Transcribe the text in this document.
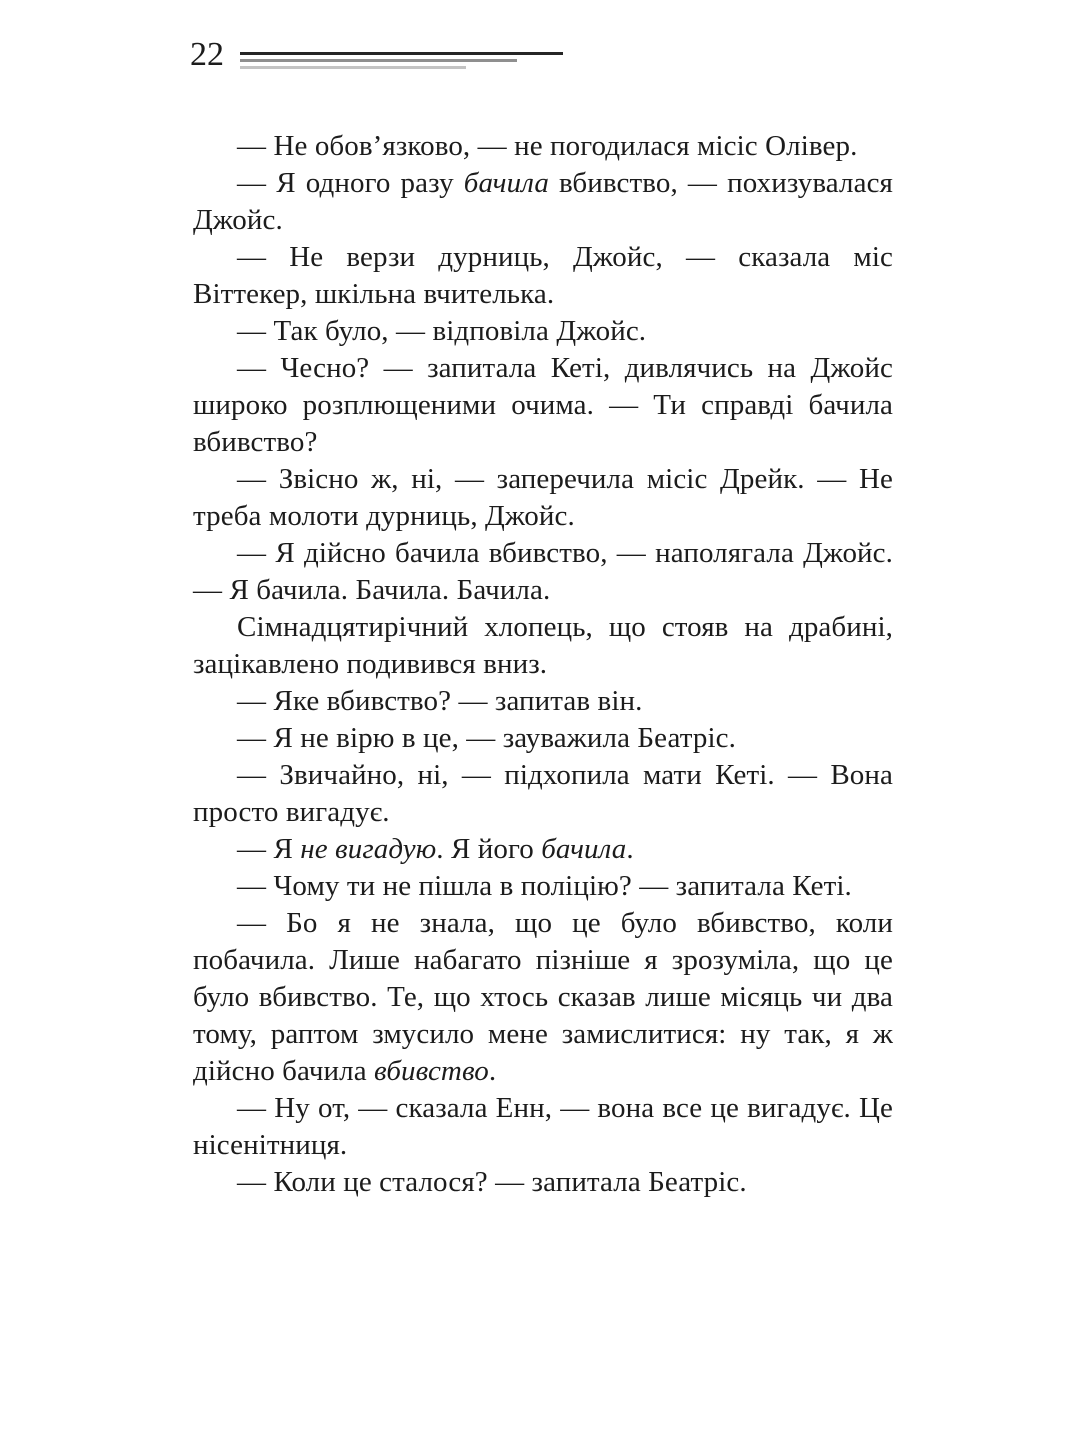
22

— Не обов’язково, — не погодилася місіс Олівер.

— Я одного разу бачила вбивство, — похизувалася Джойс.

— Не верзи дурниць, Джойс, — сказала міс Віттекер, шкільна вчителька.

— Так було, — відповіла Джойс.

— Чесно? — запитала Кеті, дивлячись на Джойс широко розплющеними очима. — Ти справді бачила вбивство?

— Звісно ж, ні, — заперечила місіс Дрейк. — Не треба молоти дурниць, Джойс.

— Я дійсно бачила вбивство, — наполягала Джойс. — Я бачила. Бачила. Бачила.

Сімнадцятирічний хлопець, що стояв на драбині, зацікавлено подивився вниз.

— Яке вбивство? — запитав він.

— Я не вірю в це, — зауважила Беатріс.

— Звичайно, ні, — підхопила мати Кеті. — Вона просто вигадує.

— Я не вигадую. Я його бачила.

— Чому ти не пішла в поліцію? — запитала Кеті.

— Бо я не знала, що це було вбивство, коли побачила. Лише набагато пізніше я зрозуміла, що це було вбивство. Те, що хтось сказав лише місяць чи два тому, раптом змусило мене замислитися: ну так, я ж дійсно бачила вбивство.

— Ну от, — сказала Енн, — вона все це вигадує. Це нісенітниця.

— Коли це сталося? — запитала Беатріс.
